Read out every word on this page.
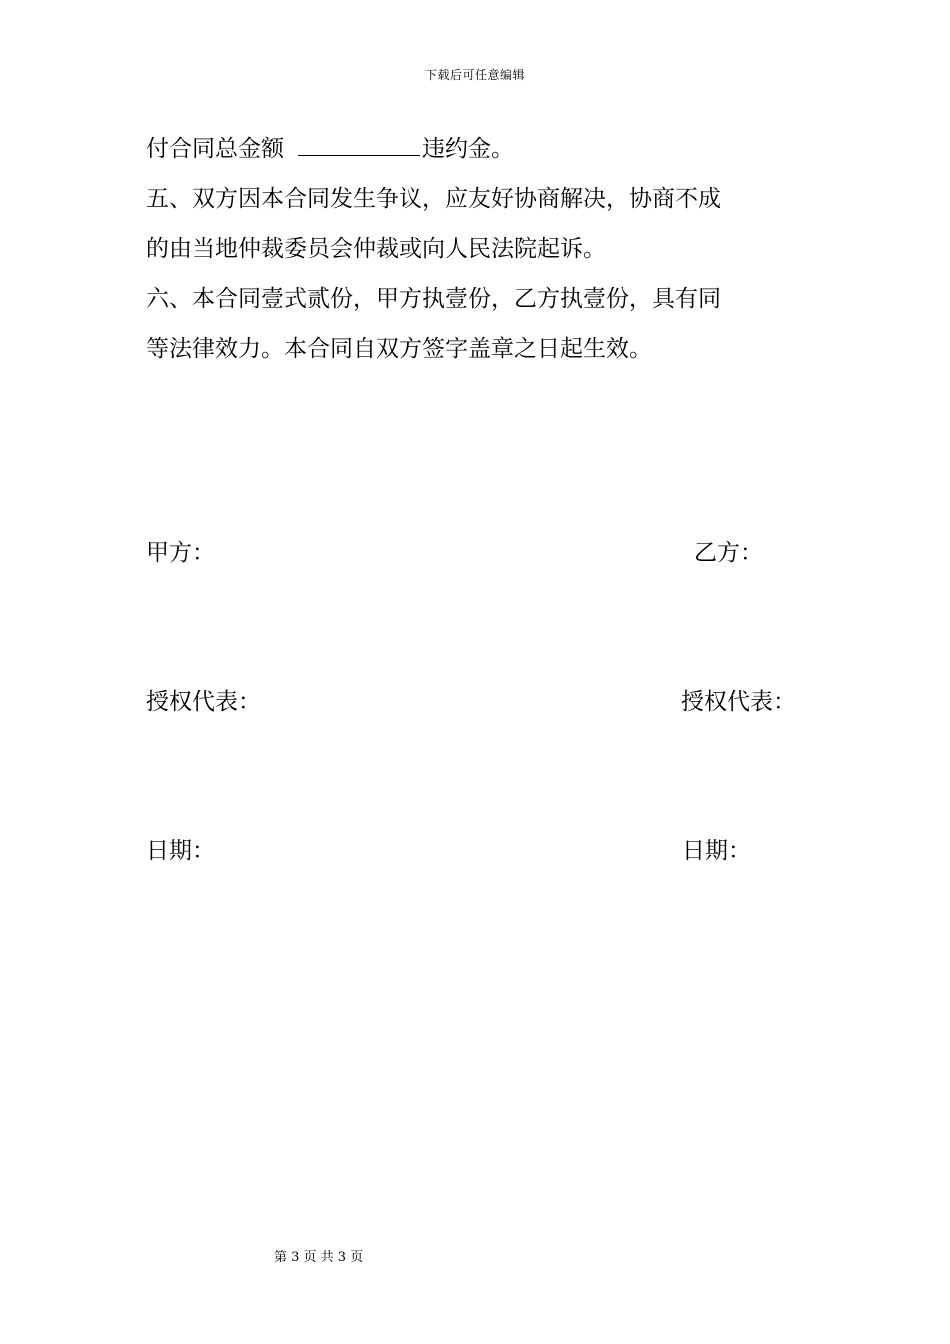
下载后可任意编辑
付合同总金额	违约金。
五、双方因本合同发生争议，应友好协商解决，协商不成
的由当地仲裁委员会仲裁或向人民法院起诉。
六、本合同壹式贰份，甲方执壹份，乙方执壹份，具有同
等法律效力。本合同自双方签字盖章之日起生效。
甲方：	乙方：
授权代表：	授权代表：
日期：	日期：
第 3 页 共 3 页
